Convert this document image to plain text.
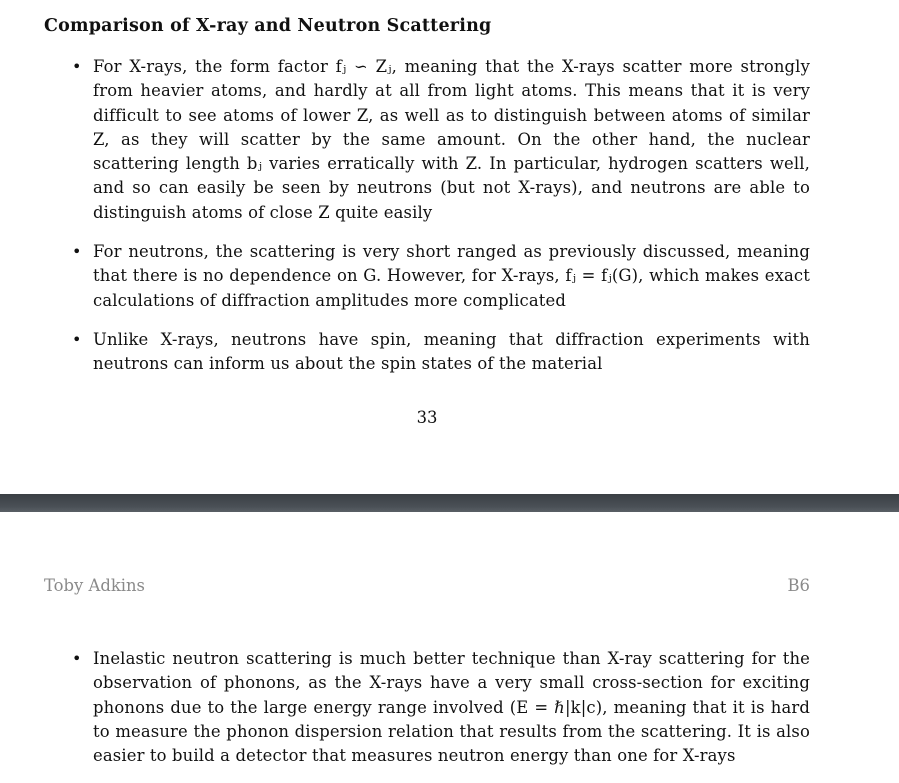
Comparison of X-ray and Neutron Scattering
• For X-rays, the form factor fⱼ ∽ Zⱼ, meaning that the X-rays scatter more strongly from heavier atoms, and hardly at all from light atoms. This means that it is very difficult to see atoms of lower Z, as well as to distinguish between atoms of similar Z, as they will scatter by the same amount. On the other hand, the nuclear scattering length bⱼ varies erratically with Z. In particular, hydrogen scatters well, and so can easily be seen by neutrons (but not X-rays), and neutrons are able to distinguish atoms of close Z quite easily
• For neutrons, the scattering is very short ranged as previously discussed, meaning that there is no dependence on G. However, for X-rays, fⱼ = fⱼ(G), which makes exact calculations of diffraction amplitudes more complicated
• Unlike X-rays, neutrons have spin, meaning that diffraction experiments with neutrons can inform us about the spin states of the material
33
Toby Adkins	B6
• Inelastic neutron scattering is much better technique than X-ray scattering for the observation of phonons, as the X-rays have a very small cross-section for exciting phonons due to the large energy range involved (E = ℏ|k|c), meaning that it is hard to measure the phonon dispersion relation that results from the scattering. It is also easier to build a detector that measures neutron energy than one for X-rays
